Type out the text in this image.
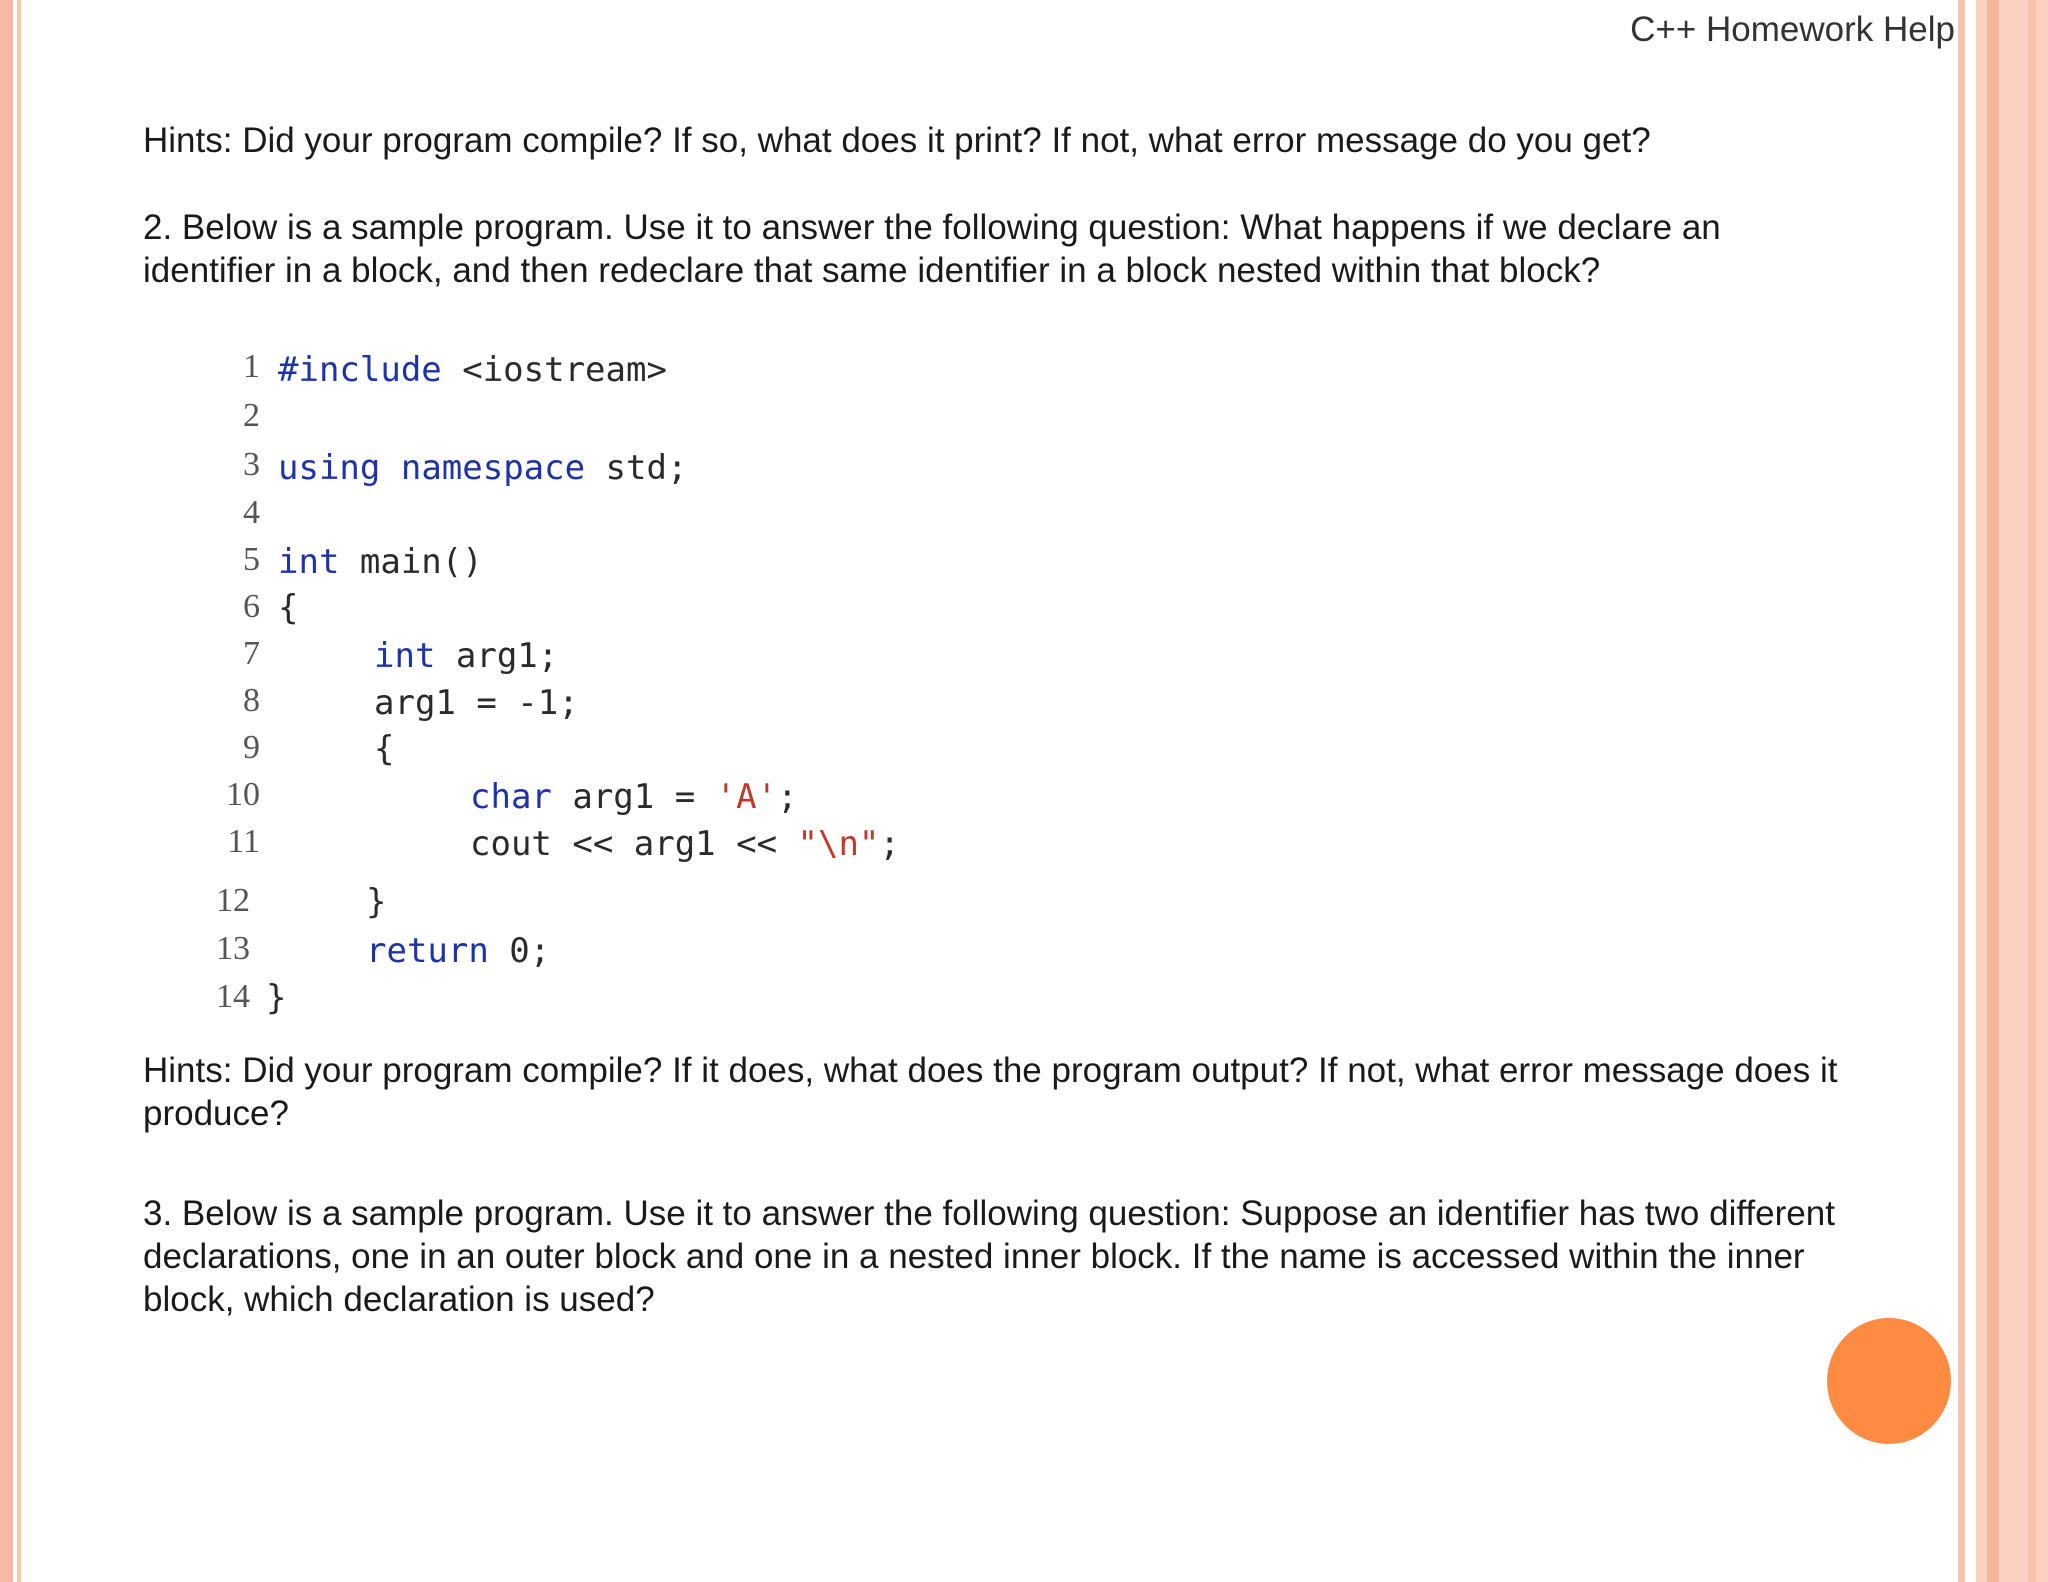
C++ Homework Help
Hints: Did your program compile? If so, what does it print? If not, what error message do you get?
2. Below is a sample program. Use it to answer the following question: What happens if we declare an
identifier in a block, and then redeclare that same identifier in a block nested within that block?
1 #include <iostream>
2
3 using namespace std;
4
5 int main()
6 {
7	int arg1;
8	arg1 = -1;
9	{
10	char arg1 = 'A';
11	cout << arg1 << "\n";
12	}
13	return 0;
14 }
Hints: Did your program compile? If it does, what does the program output? If not, what error message does it
produce?
3. Below is a sample program. Use it to answer the following question: Suppose an identifier has two different
declarations, one in an outer block and one in a nested inner block. If the name is accessed within the inner
block, which declaration is used?
